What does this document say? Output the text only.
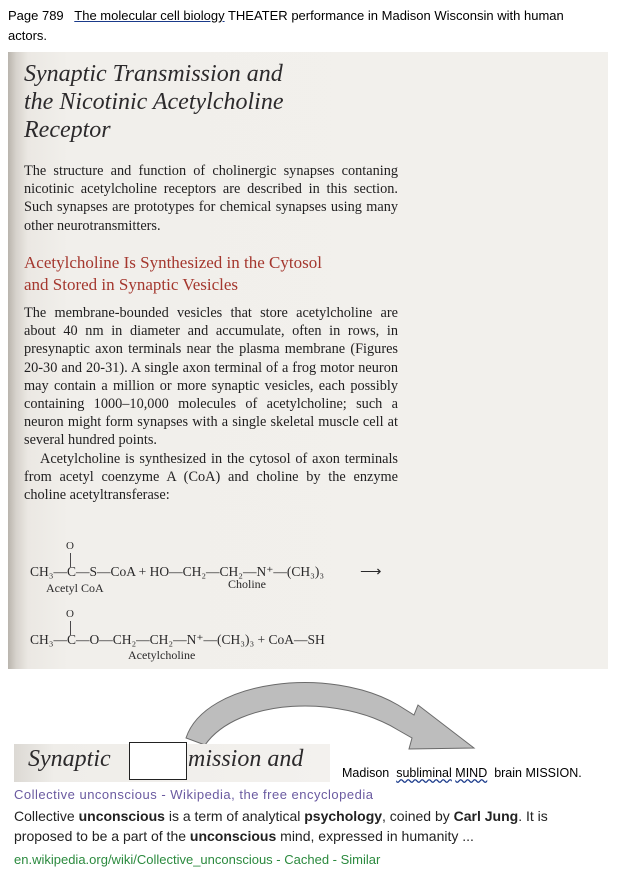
Page 789 The molecular cell biology THEATER performance in Madison Wisconsin with human
actors.
Synaptic Transmission and
the Nicotinic Acetylcholine
Receptor
The structure and function of cholinergic synapses contaning nicotinic acetylcholine receptors are described in this section. Such synapses are prototypes for chemical synapses using many other neurotransmitters.
Acetylcholine Is Synthesized in the Cytosol
and Stored in Synaptic Vesicles

The membrane-bounded vesicles that store acetylcholine are about 40 nm in diameter and accumulate, often in rows, in presynaptic axon terminals near the plasma membrane (Figures 20-30 and 20-31). A single axon terminal of a frog motor neuron may contain a million or more synaptic vesicles, each possibly containing 1000–10,000 molecules of acetylcholine; such a neuron might form synapses with a single skeletal muscle cell at several hundred points.

Acetylcholine is synthesized in the cytosol of axon terminals from acetyl coenzyme A (CoA) and choline by the enzyme choline acetyltransferase:

O
CH₃—C—S—CoA + HO—CH₂—CH₂—N⁺—(CH₃)₃ ⟶
Acetyl CoA	Choline
O
CH₃—C—O—CH₂—CH₂—N⁺—(CH₃)₃ + CoA—SH
Acetylcholine
Synaptic	mission and
Madison subliminal MIND brain MISSION.
Collective unconscious - Wikipedia, the free encyclopedia
Collective unconscious is a term of analytical psychology, coined by Carl Jung. It is
proposed to be a part of the unconscious mind, expressed in humanity ...
en.wikipedia.org/wiki/Collective_unconscious - Cached - Similar
